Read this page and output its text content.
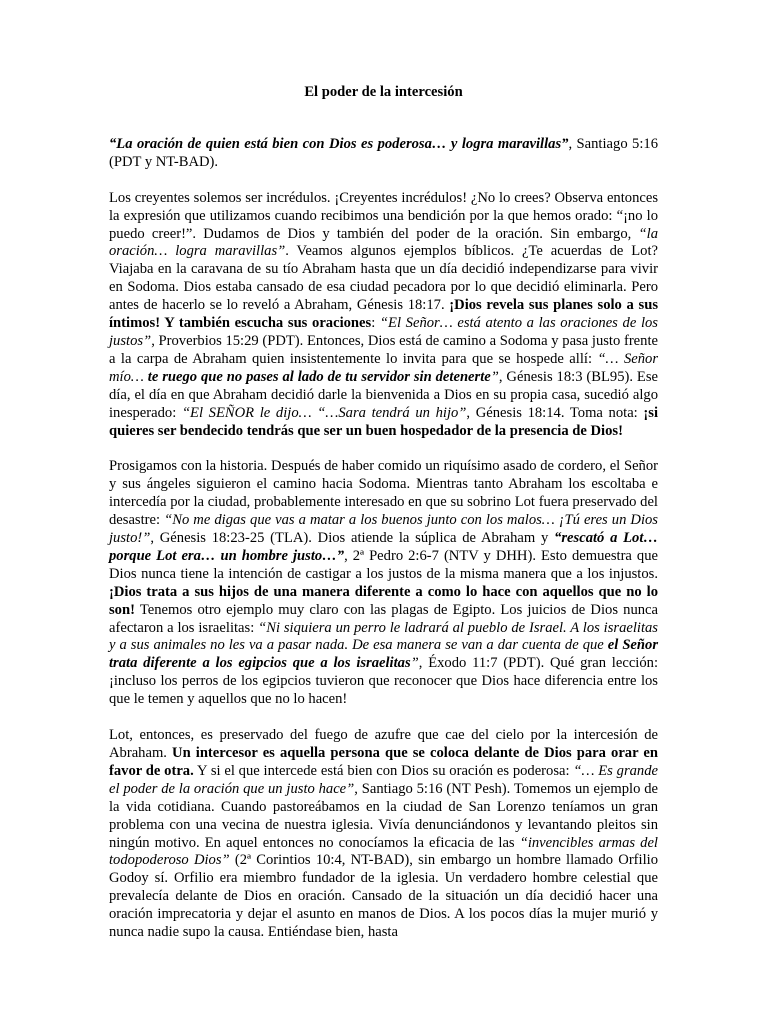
El poder de la intercesión

“La oración de quien está bien con Dios es poderosa… y logra maravillas”, Santiago 5:16 (PDT y NT-BAD).

Los creyentes solemos ser incrédulos. ¡Creyentes incrédulos! ¿No lo crees? Observa entonces la expresión que utilizamos cuando recibimos una bendición por la que hemos orado: “¡no lo puedo creer!”. Dudamos de Dios y también del poder de la oración. Sin embargo, “la oración… logra maravillas”. Veamos algunos ejemplos bíblicos. ¿Te acuerdas de Lot? Viajaba en la caravana de su tío Abraham hasta que un día decidió independizarse para vivir en Sodoma. Dios estaba cansado de esa ciudad pecadora por lo que decidió eliminarla. Pero antes de hacerlo se lo reveló a Abraham, Génesis 18:17. ¡Dios revela sus planes solo a sus íntimos! Y también escucha sus oraciones: “El Señor… está atento a las oraciones de los justos”, Proverbios 15:29 (PDT). Entonces, Dios está de camino a Sodoma y pasa justo frente a la carpa de Abraham quien insistentemente lo invita para que se hospede allí: “… Señor mío… te ruego que no pases al lado de tu servidor sin detenerte”, Génesis 18:3 (BL95). Ese día, el día en que Abraham decidió darle la bienvenida a Dios en su propia casa, sucedió algo inesperado: “El SEÑOR le dijo… “…Sara tendrá un hijo”, Génesis 18:14. Toma nota: ¡si quieres ser bendecido tendrás que ser un buen hospedador de la presencia de Dios!

Prosigamos con la historia. Después de haber comido un riquísimo asado de cordero, el Señor y sus ángeles siguieron el camino hacia Sodoma. Mientras tanto Abraham los escoltaba e intercedía por la ciudad, probablemente interesado en que su sobrino Lot fuera preservado del desastre: “No me digas que vas a matar a los buenos junto con los malos… ¡Tú eres un Dios justo!”, Génesis 18:23-25 (TLA). Dios atiende la súplica de Abraham y “rescató a Lot… porque Lot era… un hombre justo…”, 2ª Pedro 2:6-7 (NTV y DHH). Esto demuestra que Dios nunca tiene la intención de castigar a los justos de la misma manera que a los injustos.¡Dios trata a sus hijos de una manera diferente a como lo hace con aquellos que no lo son! Tenemos otro ejemplo muy claro con las plagas de Egipto. Los juicios de Dios nunca afectaron a los israelitas: “Ni siquiera un perro le ladrará al pueblo de Israel. A los israelitas y a sus animales no les va a pasar nada. De esa manera se van a dar cuenta de que el Señor trata diferente a los egipcios que a los israelitas”, Éxodo 11:7 (PDT). Qué gran lección: ¡incluso los perros de los egipcios tuvieron que reconocer que Dios hace diferencia entre los que le temen y aquellos que no lo hacen!

Lot, entonces, es preservado del fuego de azufre que cae del cielo por la intercesión de Abraham. Un intercesor es aquella persona que se coloca delante de Dios para orar en favor de otra. Y si el que intercede está bien con Dios su oración es poderosa: “… Es grande el poder de la oración que un justo hace”, Santiago 5:16 (NT Pesh). Tomemos un ejemplo de la vida cotidiana. Cuando pastoreábamos en la ciudad de San Lorenzo teníamos un gran problema con una vecina de nuestra iglesia. Vivía denunciándonos y levantando pleitos sin ningún motivo. En aquel entonces no conocíamos la eficacia de las “invencibles armas del todopoderoso Dios” (2ª Corintios 10:4, NT-BAD), sin embargo un hombre llamado Orfilio Godoy sí. Orfilio era miembro fundador de la iglesia. Un verdadero hombre celestial que prevalecía delante de Dios en oración. Cansado de la situación un día decidió hacer una oración imprecatoria y dejar el asunto en manos de Dios. A los pocos días la mujer murió y nunca nadie supo la causa. Entiéndase bien, hasta
